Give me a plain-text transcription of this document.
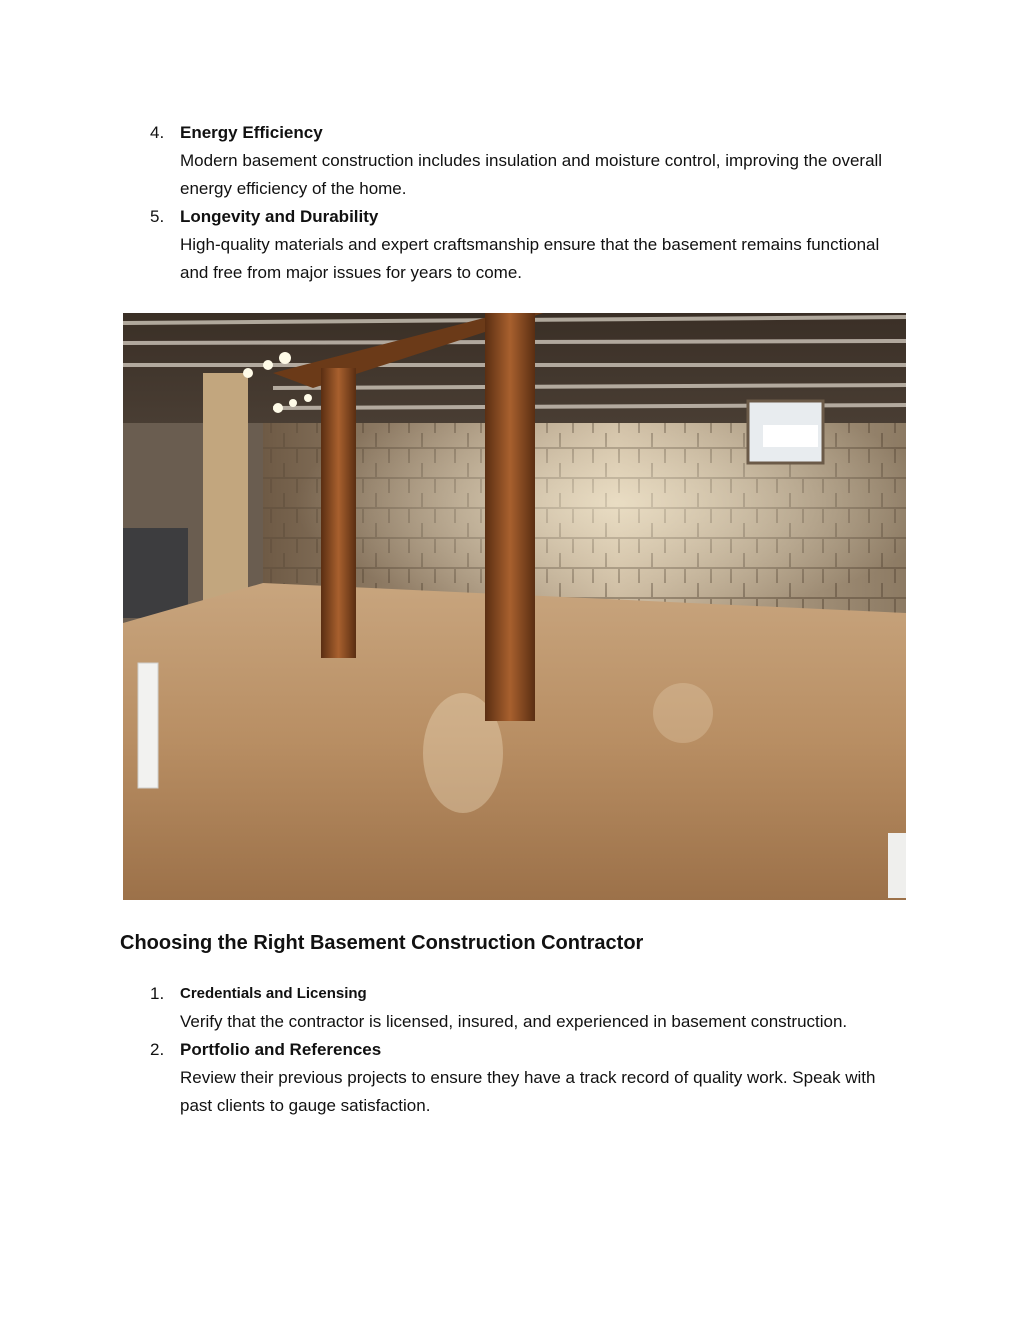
4. Energy Efficiency
Modern basement construction includes insulation and moisture control, improving the overall energy efficiency of the home.
5. Longevity and Durability
High-quality materials and expert craftsmanship ensure that the basement remains functional and free from major issues for years to come.
Choosing the Right Basement Construction Contractor
1. Credentials and Licensing
Verify that the contractor is licensed, insured, and experienced in basement construction.
2. Portfolio and References
Review their previous projects to ensure they have a track record of quality work. Speak with past clients to gauge satisfaction.
